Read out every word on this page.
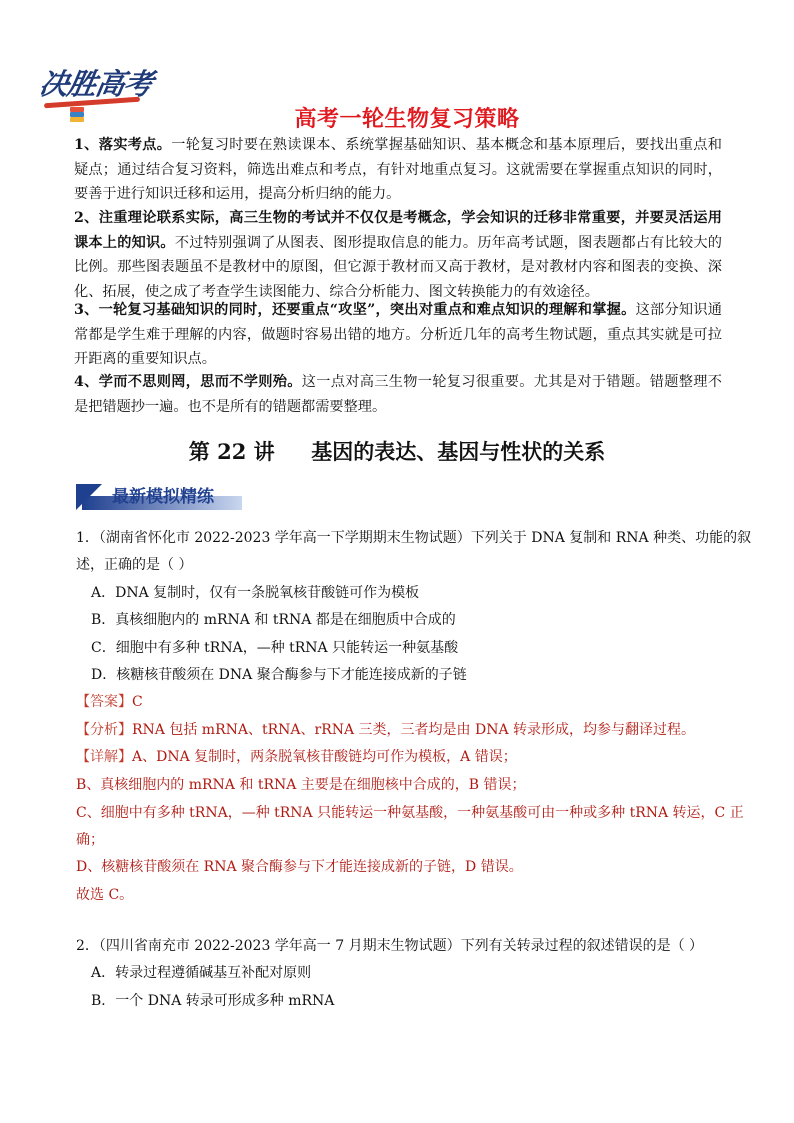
决胜高考
高考一轮生物复习策略
1、落实考点。一轮复习时要在熟读课本、系统掌握基础知识、基本概念和基本原理后，要找出重点和疑点；通过结合复习资料，筛选出难点和考点，有针对地重点复习。这就需要在掌握重点知识的同时，要善于进行知识迁移和运用，提高分析归纳的能力。
2、注重理论联系实际，高三生物的考试并不仅仅是考概念，学会知识的迁移非常重要，并要灵活运用课本上的知识。不过特别强调了从图表、图形提取信息的能力。历年高考试题，图表题都占有比较大的比例。那些图表题虽不是教材中的原图，但它源于教材而又高于教材，是对教材内容和图表的变换、深化、拓展，使之成了考查学生读图能力、综合分析能力、图文转换能力的有效途径。
3、一轮复习基础知识的同时，还要重点“攻坚”，突出对重点和难点知识的理解和掌握。这部分知识通常都是学生难于理解的内容，做题时容易出错的地方。分析近几年的高考生物试题，重点其实就是可拉开距离的重要知识点。
4、学而不思则罔，思而不学则殆。这一点对高三生物一轮复习很重要。尤其是对于错题。错题整理不是把错题抄一遍。也不是所有的错题都需要整理。
第 22 讲     基因的表达、基因与性状的关系
最新模拟精练
1．（湖南省怀化市 2022-2023 学年高一下学期期末生物试题）下列关于 DNA 复制和 RNA 种类、功能的叙
述，正确的是（ ）
A．DNA 复制时，仅有一条脱氧核苷酸链可作为模板
B．真核细胞内的 mRNA 和 tRNA 都是在细胞质中合成的
C．细胞中有多种 tRNA，—种 tRNA 只能转运一种氨基酸
D．核糖核苷酸须在 DNA 聚合酶参与下才能连接成新的子链
【答案】C
【分析】RNA 包括 mRNA、tRNA、rRNA 三类，三者均是由 DNA 转录形成，均参与翻译过程。
【详解】A、DNA 复制时，两条脱氧核苷酸链均可作为模板，A 错误；
B、真核细胞内的 mRNA 和 tRNA 主要是在细胞核中合成的，B 错误；
C、细胞中有多种 tRNA，—种 tRNA 只能转运一种氨基酸，一种氨基酸可由一种或多种 tRNA 转运，C 正
确；
D、核糖核苷酸须在 RNA 聚合酶参与下才能连接成新的子链，D 错误。
故选 C。
2．（四川省南充市 2022-2023 学年高一 7 月期末生物试题）下列有关转录过程的叙述错误的是（ ）
A．转录过程遵循碱基互补配对原则
B．一个 DNA 转录可形成多种 mRNA
